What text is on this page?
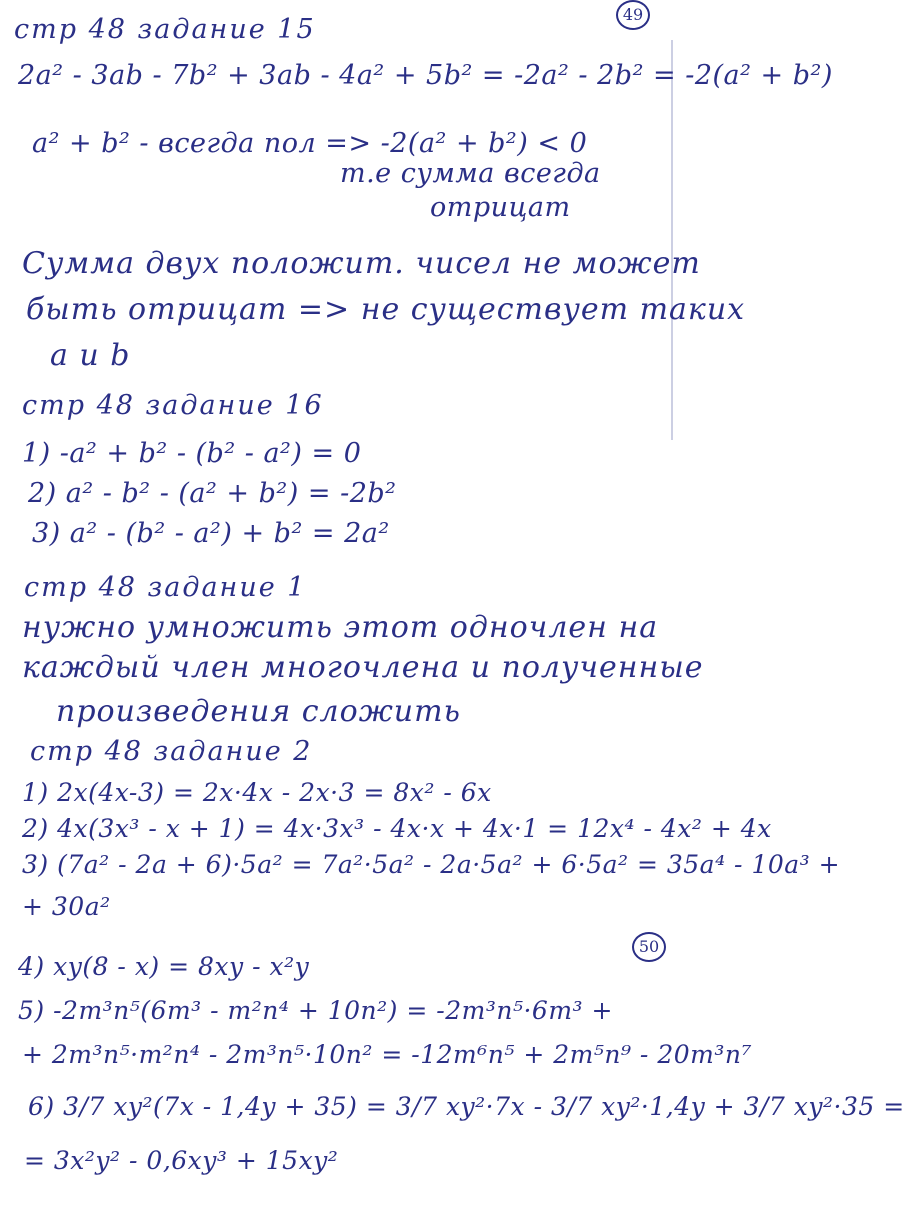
49
50
стр 48 задание 15
2a² - 3ab - 7b² + 3ab - 4a² + 5b² = -2a² - 2b² = -2(a² + b²)
a² + b² - всегда пол => -2(a² + b²) < 0
т.е сумма всегда
отрицат
Сумма двух положит. чисел не может
быть отрицат => не существует таких
a и b
стр 48 задание 16
1) -a² + b² - (b² - a²) = 0
2) a² - b² - (a² + b²) = -2b²
3) a² - (b² - a²) + b² = 2a²
стр 48 задание 1
нужно умножить этот одночлен на
каждый член многочлена и полученные
произведения сложить
стр 48 задание 2
1) 2x(4x-3) = 2x·4x - 2x·3 = 8x² - 6x
2) 4x(3x³ - x + 1) = 4x·3x³ - 4x·x + 4x·1 = 12x⁴ - 4x² + 4x
3) (7a² - 2a + 6)·5a² = 7a²·5a² - 2a·5a² + 6·5a² = 35a⁴ - 10a³ +
+ 30a²
4) xy(8 - x) = 8xy - x²y
5) -2m³n⁵(6m³ - m²n⁴ + 10n²) = -2m³n⁵·6m³ +
+ 2m³n⁵·m²n⁴ - 2m³n⁵·10n² = -12m⁶n⁵ + 2m⁵n⁹ - 20m³n⁷
6) 3/7 xy²(7x - 1,4y + 35) = 3/7 xy²·7x - 3/7 xy²·1,4y + 3/7 xy²·35 =
= 3x²y² - 0,6xy³ + 15xy²
